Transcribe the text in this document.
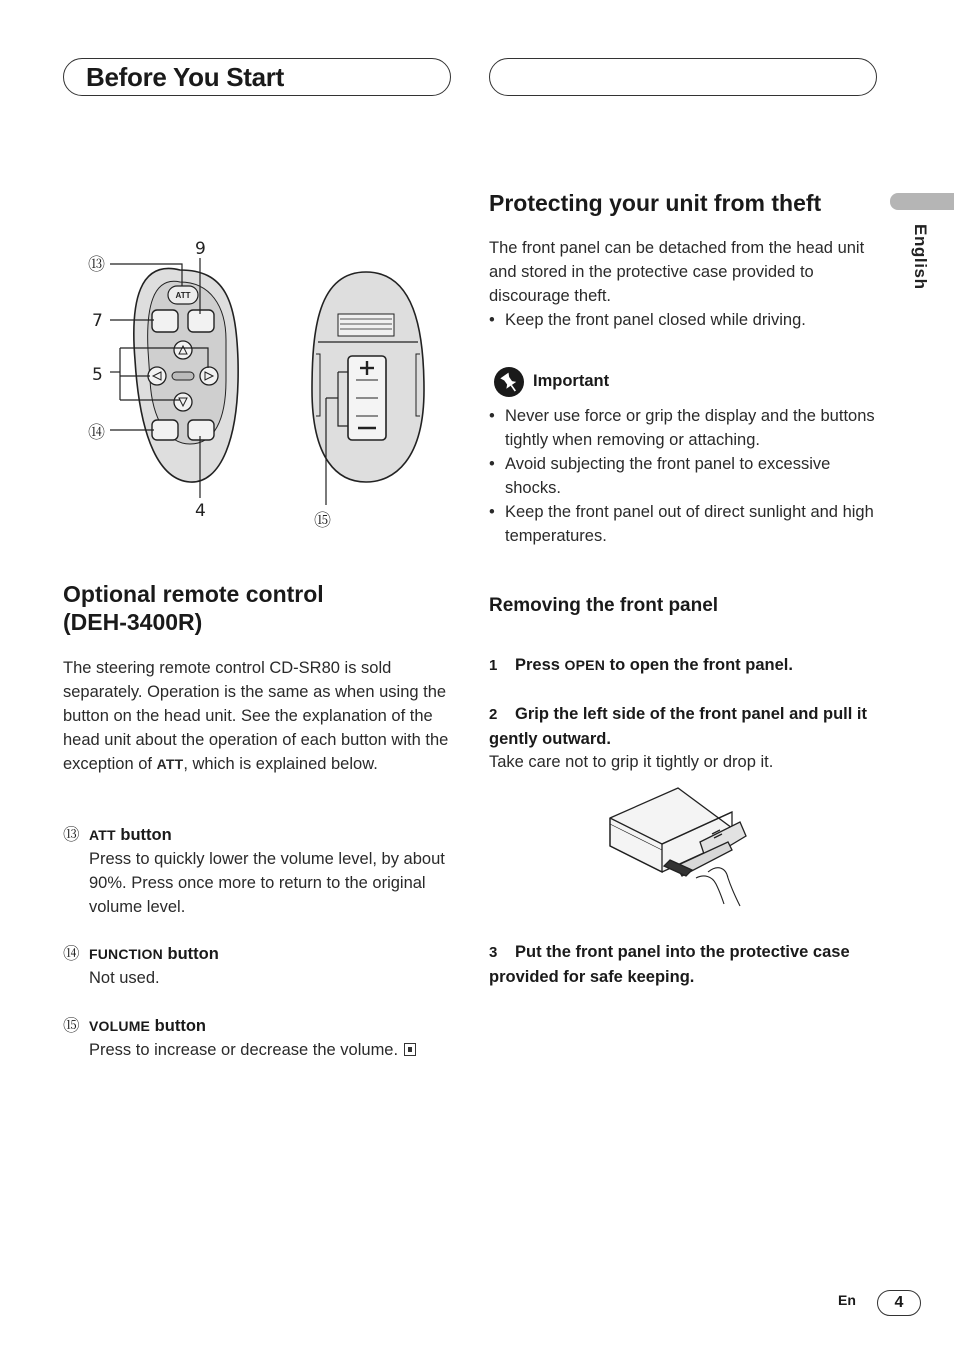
Before You Start
English
ATT
⑬
9
7
5
⑭
4	⑮
Optional remote control
(DEH-3400R)

The steering remote control CD-SR80 is sold separately. Operation is the same as when using the button on the head unit. See the explanation of the head unit about the operation of each button with the exception of ATT, which is explained below.

⑬ ATT button

Press to quickly lower the volume level, by about 90%. Press once more to return to the original volume level.

⑭ FUNCTION button

Not used.

⑮ VOLUME button

Press to increase or decrease the volume.

Protecting your unit from theft

The front panel can be detached from the head unit and stored in the protective case provided to discourage theft.

• Keep the front panel closed while driving.

Important

• Never use force or grip the display and the buttons tightly when removing or attaching.
• Avoid subjecting the front panel to excessive shocks.
• Keep the front panel out of direct sunlight and high temperatures.
Removing the front panel

1 Press OPEN to open the front panel.

2 Grip the left side of the front panel and pull it gently outward.

Take care not to grip it tightly or drop it.

3 Put the front panel into the protective case provided for safe keeping.

En	4
